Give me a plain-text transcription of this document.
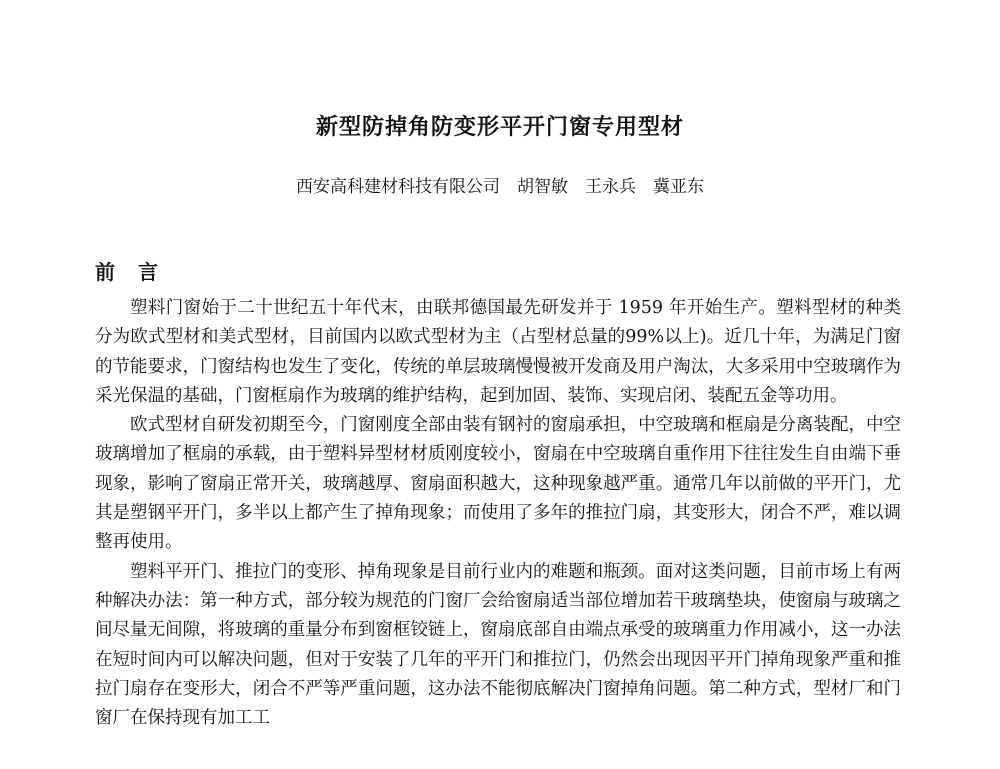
新型防掉角防变形平开门窗专用型材
西安高科建材科技有限公司　胡智敏　王永兵　冀亚东
前 言

塑料门窗始于二十世纪五十年代末，由联邦德国最先研发并于 1959 年开始生产。塑料型材的种类分为欧式型材和美式型材，目前国内以欧式型材为主（占型材总量的99%以上)。近几十年，为满足门窗的节能要求，门窗结构也发生了变化，传统的单层玻璃慢慢被开发商及用户淘汰，大多采用中空玻璃作为采光保温的基础，门窗框扇作为玻璃的维护结构，起到加固、装饰、实现启闭、装配五金等功用。

欧式型材自研发初期至今，门窗刚度全部由装有钢衬的窗扇承担，中空玻璃和框扇是分离装配，中空玻璃增加了框扇的承载，由于塑料异型材材质刚度较小，窗扇在中空玻璃自重作用下往往发生自由端下垂现象，影响了窗扇正常开关，玻璃越厚、窗扇面积越大，这种现象越严重。通常几年以前做的平开门，尤其是塑钢平开门，多半以上都产生了掉角现象；而使用了多年的推拉门扇，其变形大，闭合不严，难以调整再使用。

塑料平开门、推拉门的变形、掉角现象是目前行业内的难题和瓶颈。面对这类问题，目前市场上有两种解决办法：第一种方式，部分较为规范的门窗厂会给窗扇适当部位增加若干玻璃垫块，使窗扇与玻璃之间尽量无间隙，将玻璃的重量分布到窗框铰链上，窗扇底部自由端点承受的玻璃重力作用减小，这一办法在短时间内可以解决问题，但对于安装了几年的平开门和推拉门，仍然会出现因平开门掉角现象严重和推拉门扇存在变形大，闭合不严等严重问题，这办法不能彻底解决门窗掉角问题。第二种方式，型材厂和门窗厂在保持现有加工工
